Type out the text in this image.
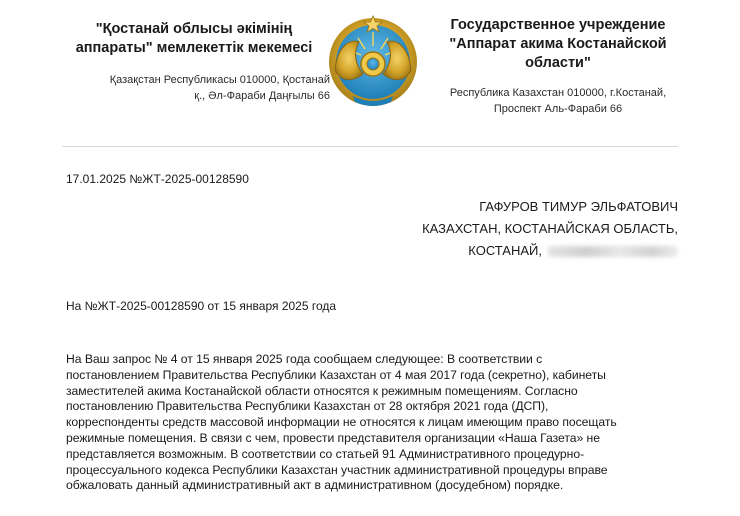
"Қостанай облысы әкімінің
аппараты" мемлекеттік мекемесі
Қазақстан Республикасы 010000, Қостанай
қ., Әл-Фараби Даңғылы 66
Государственное учреждение
"Аппарат акима Костанайской
области"
Республика Казахстан 010000, г.Костанай,
Проспект Аль-Фараби 66
17.01.2025 №ЖТ-2025-00128590
ГАФУРОВ ТИМУР ЭЛЬФАТОВИЧ
КАЗАХСТАН, КОСТАНАЙСКАЯ ОБЛАСТЬ,
КОСТАНАЙ,
На №ЖТ-2025-00128590 от 15 января 2025 года
На Ваш запрос № 4 от 15 января 2025 года сообщаем следующее: В соответствии с
постановлением Правительства Республики Казахстан от 4 мая 2017 года (секретно), кабинеты
заместителей акима Костанайской области относятся к режимным помещениям. Согласно
постановлению Правительства Республики Казахстан от 28 октября 2021 года (ДСП),
корреспонденты средств массовой информации не относятся к лицам имеющим право посещать
режимные помещения. В связи с чем, провести представителя организации «Наша Газета» не
представляется возможным. В соответствии со статьей 91 Административного процедурно-
процессуального кодекса Республики Казахстан участник административной процедуры вправе
обжаловать данный административный акт в административном (досудебном) порядке.
